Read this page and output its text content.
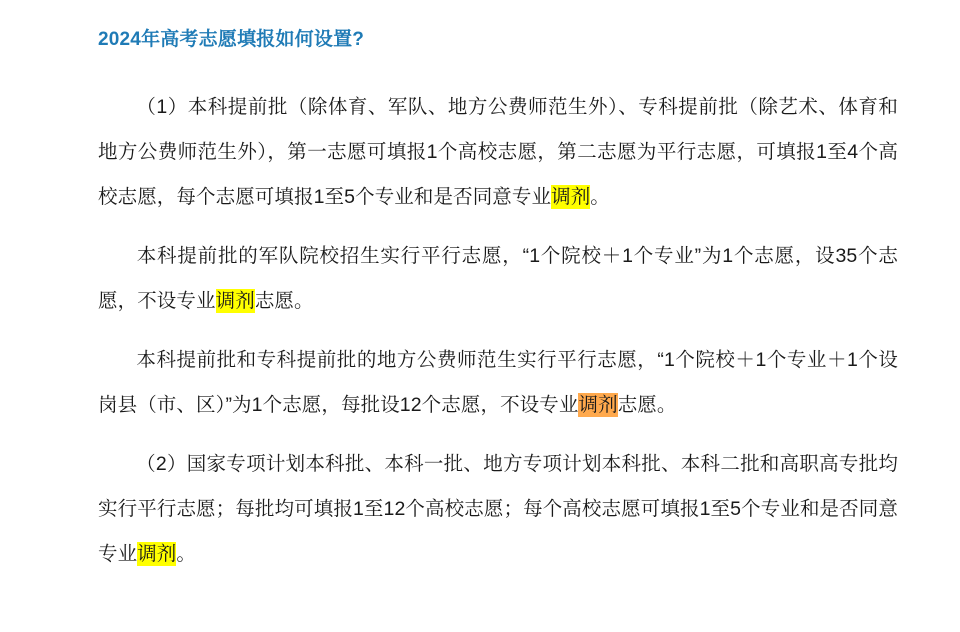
2024年高考志愿填报如何设置?

（1）本科提前批（除体育、军队、地方公费师范生外）、专科提前批（除艺术、体育和地方公费师范生外），第一志愿可填报1个高校志愿，第二志愿为平行志愿，可填报1至4个高校志愿，每个志愿可填报1至5个专业和是否同意专业调剂。

本科提前批的军队院校招生实行平行志愿，“1个院校＋1个专业”为1个志愿，设35个志愿，不设专业调剂志愿。

本科提前批和专科提前批的地方公费师范生实行平行志愿，“1个院校＋1个专业＋1个设岗县（市、区）”为1个志愿，每批设12个志愿，不设专业调剂志愿。

（2）国家专项计划本科批、本科一批、地方专项计划本科批、本科二批和高职高专批均实行平行志愿；每批均可填报1至12个高校志愿；每个高校志愿可填报1至5个专业和是否同意专业调剂。
